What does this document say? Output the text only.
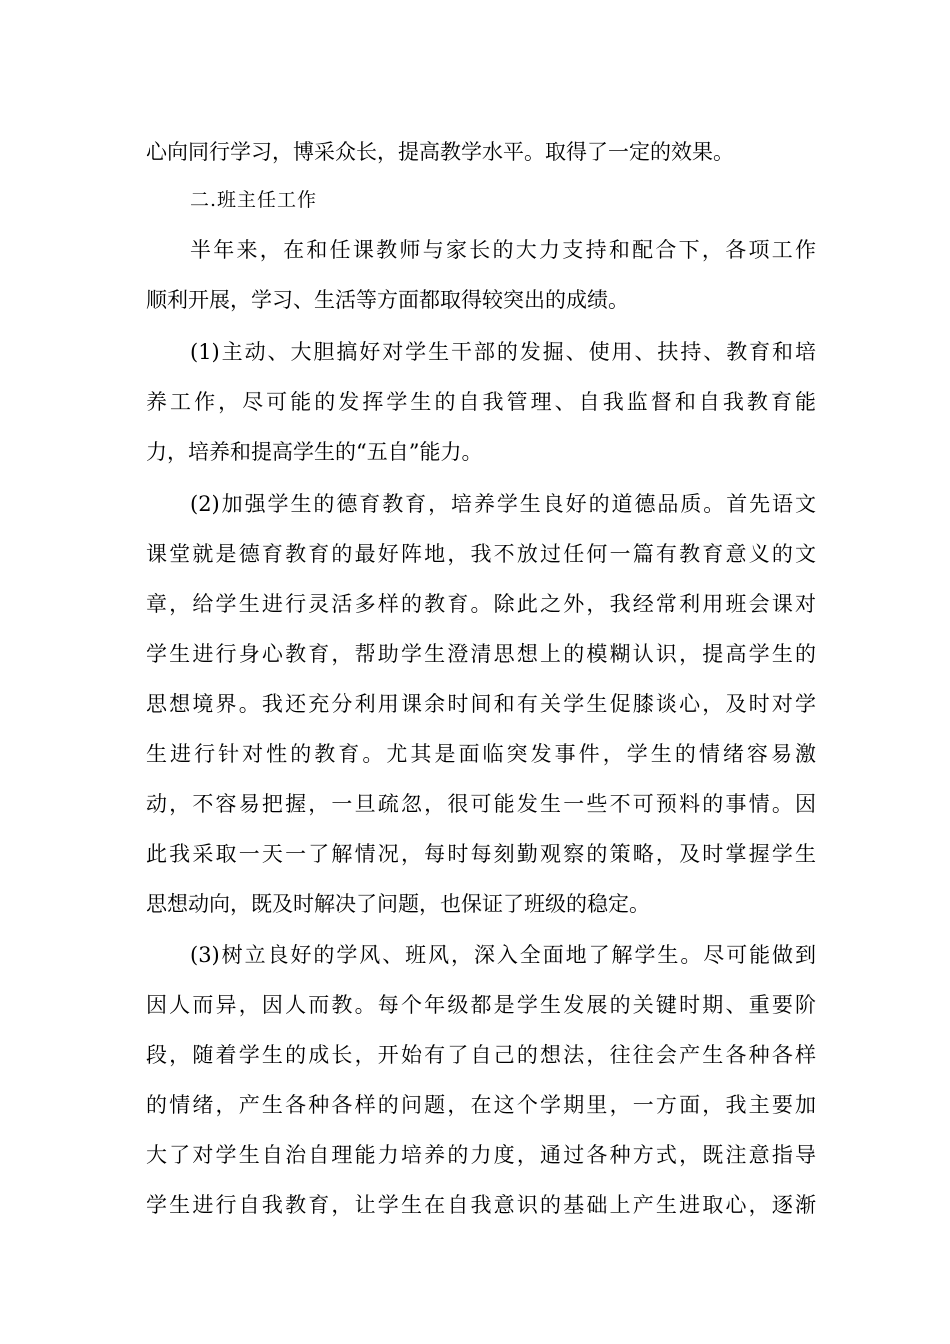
心向同行学习，博采众长，提高教学水平。取得了一定的效果。
二.班主任工作
半年来，在和任课教师与家长的大力支持和配合下，各项工作
顺利开展，学习、生活等方面都取得较突出的成绩。
(1)主动、大胆搞好对学生干部的发掘、使用、扶持、教育和培
养工作，尽可能的发挥学生的自我管理、自我监督和自我教育能
力，培养和提高学生的“五自”能力。
(2)加强学生的德育教育，培养学生良好的道德品质。首先语文
课堂就是德育教育的最好阵地，我不放过任何一篇有教育意义的文
章，给学生进行灵活多样的教育。除此之外，我经常利用班会课对
学生进行身心教育，帮助学生澄清思想上的模糊认识，提高学生的
思想境界。我还充分利用课余时间和有关学生促膝谈心，及时对学
生进行针对性的教育。尤其是面临突发事件，学生的情绪容易激
动，不容易把握，一旦疏忽，很可能发生一些不可预料的事情。因
此我采取一天一了解情况，每时每刻勤观察的策略，及时掌握学生
思想动向，既及时解决了问题，也保证了班级的稳定。
(3)树立良好的学风、班风，深入全面地了解学生。尽可能做到
因人而异，因人而教。每个年级都是学生发展的关键时期、重要阶
段，随着学生的成长，开始有了自己的想法，往往会产生各种各样
的情绪，产生各种各样的问题，在这个学期里，一方面，我主要加
大了对学生自治自理能力培养的力度，通过各种方式，既注意指导
学生进行自我教育，让学生在自我意识的基础上产生进取心，逐渐
